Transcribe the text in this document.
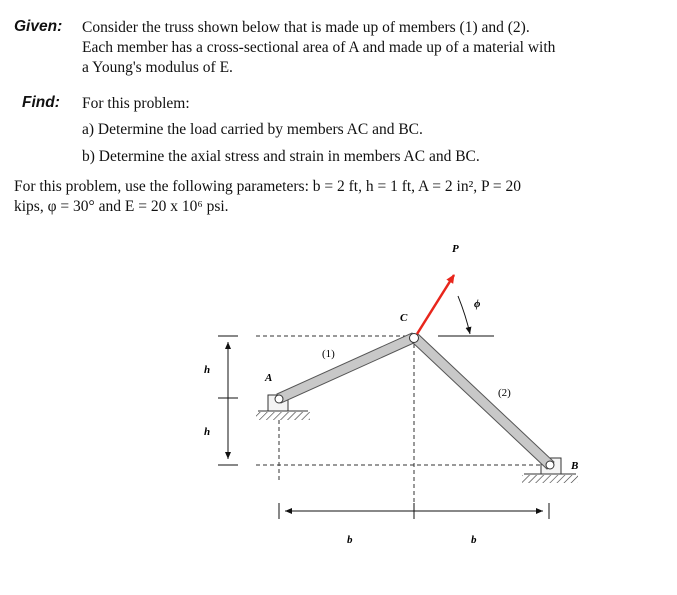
Given: Consider the truss shown below that is made up of members (1) and (2).
Each member has a cross-sectional area of A and made up of a material with
a Young's modulus of E.
Find: For this problem:
a) Determine the load carried by members AC and BC.
b) Determine the axial stress and strain in members AC and BC.
For this problem, use the following parameters: b = 2 ft, h = 1 ft, A = 2 in², P = 20
kips, φ = 30° and E = 20 x 10⁶ psi.
P
ϕ
C
A
B
(1)
(2)
h
h
b	b
